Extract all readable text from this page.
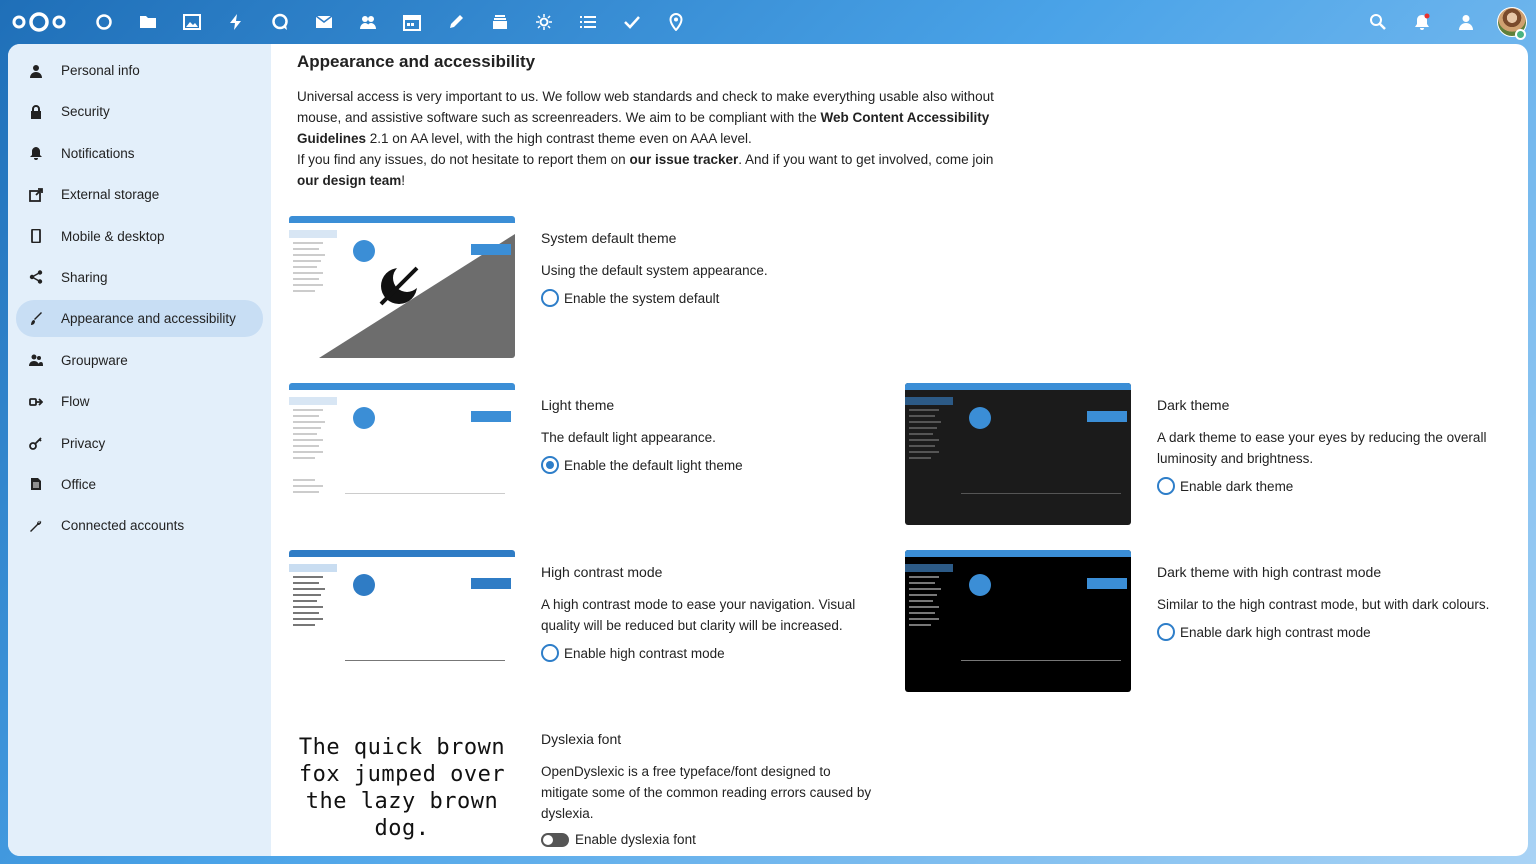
Personal info
Security
Notifications
External storage
Mobile & desktop
Sharing
Appearance and accessibility
Groupware
Flow
Privacy
Office
Connected accounts
Appearance and accessibility
Universal access is very important to us. We follow web standards and check to make everything usable also without mouse, and assistive software such as screenreaders. We aim to be compliant with the Web Content Accessibility Guidelines 2.1 on AA level, with the high contrast theme even on AAA level.
If you find any issues, do not hesitate to report them on our issue tracker. And if you want to get involved, come join our design team!
System default theme
Using the default system appearance.
Enable the system default
Light theme
The default light appearance.
Enable the default light theme
Dark theme
A dark theme to ease your eyes by reducing the overall luminosity and brightness.
Enable dark theme
High contrast mode
A high contrast mode to ease your navigation. Visual quality will be reduced but clarity will be increased.
Enable high contrast mode
Dark theme with high contrast mode
Similar to the high contrast mode, but with dark colours.
Enable dark high contrast mode
The quick brown fox jumped over the lazy brown dog.
Dyslexia font
OpenDyslexic is a free typeface/font designed to mitigate some of the common reading errors caused by dyslexia.
Enable dyslexia font
